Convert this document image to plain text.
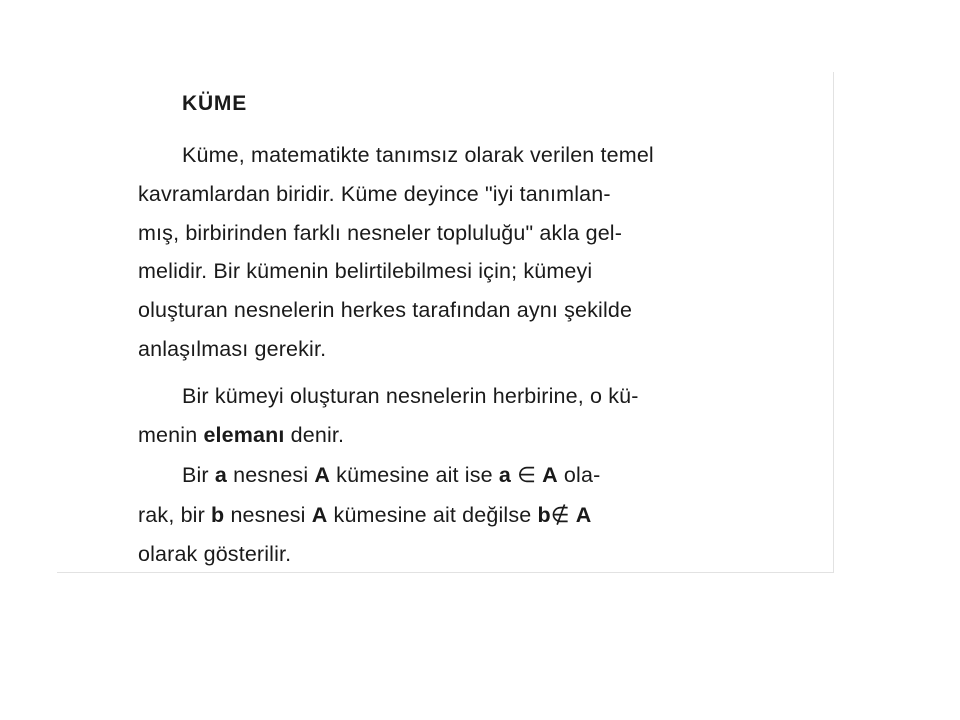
KÜME
Küme, matematikte tanımsız olarak verilen temel
kavramlardan biridir. Küme deyince "iyi tanımlan-
mış, birbirinden farklı nesneler topluluğu" akla gel-
melidir. Bir kümenin belirtilebilmesi için; kümeyi
oluşturan nesnelerin herkes tarafından aynı şekilde
anlaşılması gerekir.
Bir kümeyi oluşturan nesnelerin herbirine, o kü-
menin elemanı denir.
Bir a nesnesi A kümesine ait ise a ∈ A ola-
rak, bir b nesnesi A kümesine ait değilse b∉ A
olarak gösterilir.
